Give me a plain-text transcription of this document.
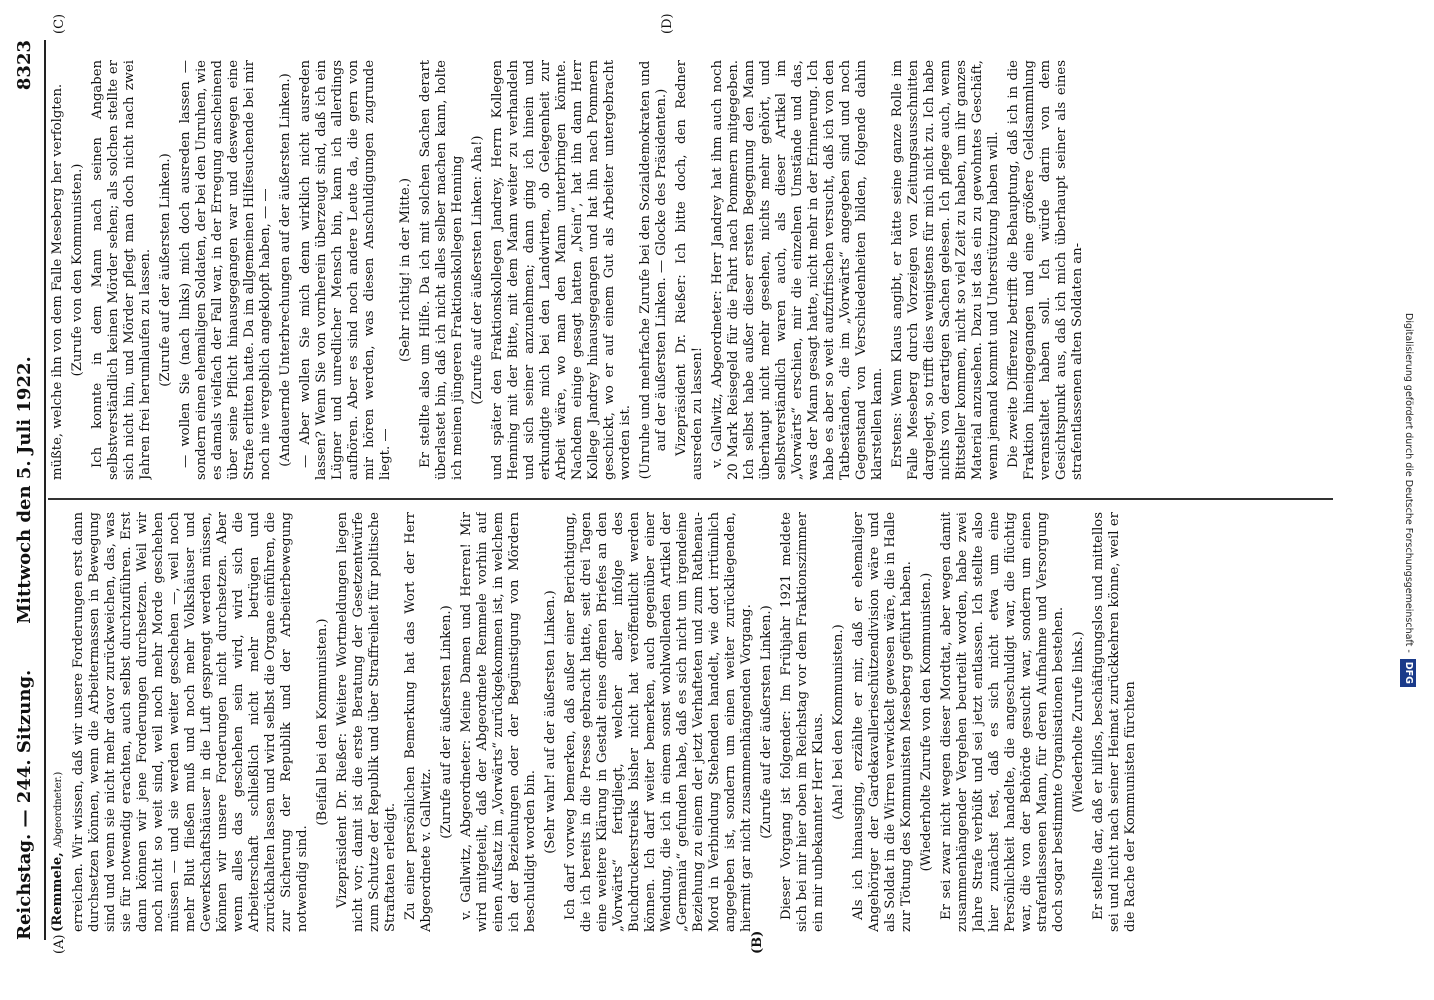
Reichstag. — 244. Sitzung.
Mittwoch den 5. Juli 1922.
8323
(A)	(B)
(C)	(D)

(Remmele, Abgeordneter.) erreichen. Wir wissen, daß wir unsere Forderungen erst dann durchsetzen können, wenn die Arbeitermassen in Bewegung sind und wenn sie nicht mehr davor zurückweichen, das, was sie für notwendig erachten, auch selbst durchzuführen. Erst dann können wir jene Forderungen durchsetzen. Weil wir noch nicht so weit sind, weil noch mehr Morde geschehen müssen — und sie werden weiter geschehen —, weil noch mehr Blut fließen muß und noch mehr Volkshäuser und Gewerkschaftshäuser in die Luft gesprengt werden müssen, können wir unsere Forderungen nicht durchsetzen. Aber wenn alles das geschehen sein wird, wird sich die Arbeiterschaft schließlich nicht mehr betrügen und zurückhalten lassen und wird selbst die Organe einführen, die zur Sicherung der Republik und der Arbeiterbewegung notwendig sind.

(Beifall bei den Kommunisten.) Vizepräsident Dr. Rießer: Weitere Wortmeldungen liegen nicht vor; damit ist die erste Beratung der Gesetzentwürfe zum Schutze der Republik und über Straffreiheit für politische Straftaten erledigt. Zu einer persönlichen Bemerkung hat das Wort der Herr Abgeordnete v. Gallwitz.

(Zurufe auf der äußersten Linken.) v. Gallwitz, Abgeordneter: Meine Damen und Herren! Mir wird mitgeteilt, daß der Abgeordnete Remmele vorhin auf einen Aufsatz im „Vorwärts“ zurückgekommen ist, in welchem ich der Beziehungen oder der Begünstigung von Mördern beschuldigt worden bin. (Sehr wahr! auf der äußersten Linken.) Ich darf vorweg bemerken, daß außer einer Berichtigung, die ich bereits in die Presse gebracht hatte, seit drei Tagen eine weitere Klärung in Gestalt eines offenen Briefes an den „Vorwärts“ fertigliegt, welcher aber infolge des Buchdruckerstreiks bisher nicht hat veröffentlicht werden können. Ich darf weiter bemerken, auch gegenüber einer Wendung, die ich in einem sonst wohlwollenden Artikel der „Germania“ gefunden habe, daß es sich nicht um irgendeine Beziehung zu einem der jetzt Verhafteten und zum Rathenau-Mord in Verbindung Stehenden handelt, wie dort irrtümlich angegeben ist, sondern um einen weiter zurückliegenden, hiermit gar nicht zusammenhängenden Vorgang. (Zurufe auf der äußersten Linken.) Dieser Vorgang ist folgender: Im Frühjahr 1921 meldete sich bei mir hier oben im Reichstag vor dem Fraktionszimmer ein mir unbekannter Herr Klaus. (Aha! bei den Kommunisten.) Als ich hinausging, erzählte er mir, daß er ehemaliger Angehöriger der Gardekavallerieschützendivision wäre und als Soldat in die Wirren verwickelt gewesen wäre, die in Halle zur Tötung des Kommunisten Meseberg geführt haben. (Wiederholte Zurufe von den Kommunisten.) Er sei zwar nicht wegen dieser Mordtat, aber wegen damit zusammenhängender Vergehen beurteilt worden, habe zwei Jahre Strafe verbüßt und sei jetzt entlassen. Ich stellte also hier zunächst fest, daß es sich nicht etwa um eine Persönlichkeit handelte, die angeschuldigt war, die flüchtig war, die von der Behörde gesucht war, sondern um einen strafentlassenen Mann, für deren Aufnahme und Versorgung doch sogar bestimmte Organisationen bestehen. (Wiederholte Zurufe links.) Er stellte dar, daß er hilflos, beschäftigungslos und mittellos sei und nicht nach seiner Heimat zurückkehren könne, weil er die Rache der Kommunisten fürchten

müßte, welche ihn von dem Falle Meseberg her verfolgten. (Zurufe von den Kommunisten.) Ich konnte in dem Mann nach seinen Angaben selbstverständlich keinen Mörder sehen; als solchen stellte er sich nicht hin, und Mörder pflegt man doch nicht nach zwei Jahren frei herumlaufen zu lassen. (Zurufe auf der äußersten Linken.) — wollen Sie (nach links) mich doch ausreden lassen — sondern einen ehemaligen Soldaten, der bei den Unruhen, wie es damals vielfach der Fall war, in der Erregung anscheinend über seine Pflicht hinausgegangen war und deswegen eine Strafe erlitten hatte. Da im allgemeinen Hilfesuchende bei mir noch nie vergeblich angeklopft haben, — — (Andauernde Unterbrechungen auf der äußersten Linken.) — Aber wollen Sie mich denn wirklich nicht ausreden lassen? Wenn Sie von vornherein überzeugt sind, daß ich ein Lügner und unredlicher Mensch bin, kann ich allerdings aufhören. Aber es sind noch andere Leute da, die gern von mir hören werden, was diesen Anschuldigungen zugrunde liegt. —

(Sehr richtig! in der Mitte.) Er stellte also um Hilfe. Da ich mit solchen Sachen derart überlastet bin, daß ich nicht alles selber machen kann, holte ich meinen jüngeren Fraktionskollegen Henning (Zurufe auf der äußersten Linken: Aha!) und später den Fraktionskollegen Jandrey, Herrn Kollegen Henning mit der Bitte, mit dem Mann weiter zu verhandeln und sich seiner anzunehmen; dann ging ich hinein und erkundigte mich bei den Landwirten, ob Gelegenheit zur Arbeit wäre, wo man den Mann unterbringen könnte. Nachdem einige gesagt hatten „Nein“, hat ihn dann Herr Kollege Jandrey hinausgegangen und hat ihn nach Pommern geschickt, wo er auf einem Gut als Arbeiter untergebracht worden ist. (Unruhe und mehrfache Zurufe bei den Sozialdemokraten und auf der äußersten Linken. — Glocke des Präsidenten.) Vizepräsident Dr. Rießer: Ich bitte doch, den Redner ausreden zu lassen! v. Gallwitz, Abgeordneter: Herr Jandrey hat ihm auch noch 20 Mark Reisegeld für die Fahrt nach Pommern mitgegeben. Ich selbst habe außer dieser ersten Begegnung den Mann überhaupt nicht mehr gesehen, nichts mehr gehört, und selbstverständlich waren auch, als dieser Artikel im „Vorwärts“ erschien, mir die einzelnen Umstände und das, was der Mann gesagt hatte, nicht mehr in der Erinnerung. Ich habe es aber so weit aufzufrischen versucht, daß ich von den Tatbeständen, die im „Vorwärts“ angegeben sind und noch Gegenstand von Verschiedenheiten bilden, folgende dahin klarstellen kann. Erstens: Wenn Klaus angibt, er hätte seine ganze Rolle im Falle Meseberg durch Vorzeigen von Zeitungsausschnitten dargelegt, so trifft dies wenigstens für mich nicht zu. Ich habe nichts von derartigen Sachen gelesen. Ich pflege auch, wenn Bittsteller kommen, nicht so viel Zeit zu haben, um ihr ganzes Material anzusehen. Dazu ist das ein zu gewohntes Geschäft, wenn jemand kommt und Unterstützung haben will. Die zweite Differenz betrifft die Behauptung, daß ich in die Fraktion hineingegangen und eine größere Geldsammlung veranstaltet haben soll. Ich würde darin von dem Gesichtspunkt aus, daß ich mich überhaupt seiner als eines strafentlassenen alten Soldaten an-	Digitalisierung gefördert durch die Deutsche Forschungsgemeinschaft -DFG
